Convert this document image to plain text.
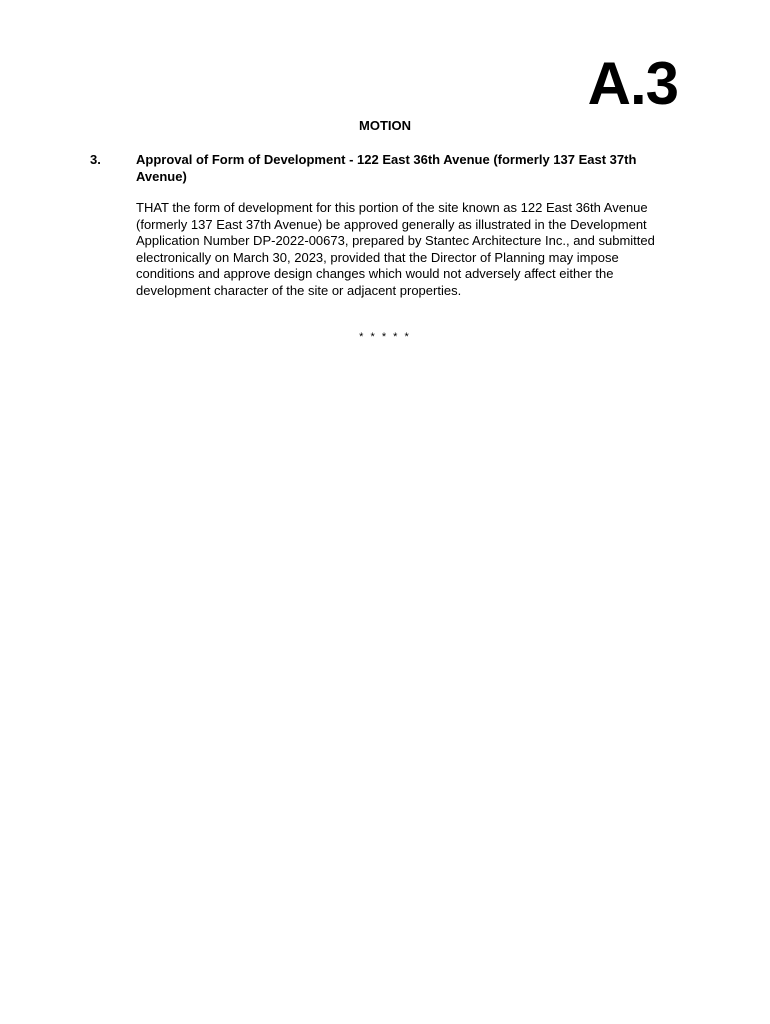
A.3
MOTION
3.	Approval of Form of Development - 122 East 36th Avenue (formerly 137 East 37th Avenue)
THAT the form of development for this portion of the site known as 122 East 36th Avenue (formerly 137 East 37th Avenue) be approved generally as illustrated in the Development Application Number DP-2022-00673, prepared by Stantec Architecture Inc., and submitted electronically on March 30, 2023, provided that the Director of Planning may impose conditions and approve design changes which would not adversely affect either the development character of the site or adjacent properties.
* * * * *
